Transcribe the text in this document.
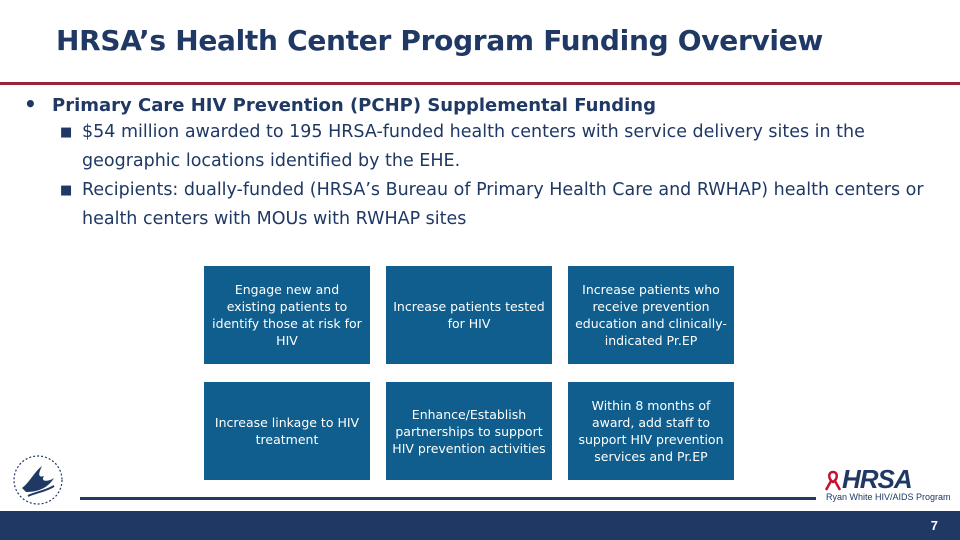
HRSA’s Health Center Program Funding Overview
• Primary Care HIV Prevention (PCHP) Supplemental Funding
■ $54 million awarded to 195 HRSA-funded health centers with service delivery sites in the geographic locations identified by the EHE.
■ Recipients: dually-funded (HRSA’s Bureau of Primary Health Care and RWHAP) health centers or health centers with MOUs with RWHAP sites
Engage new and existing patients to identify those at risk for HIV
Increase patients tested for HIV
Increase patients who receive prevention education and clinically-indicated Pr.EP
Increase linkage to HIV treatment
Enhance/Establish partnerships to support HIV prevention activities
Within 8 months of award, add staff to support HIV prevention services and Pr.EP
HRSA
Ryan White HIV/AIDS Program
7
